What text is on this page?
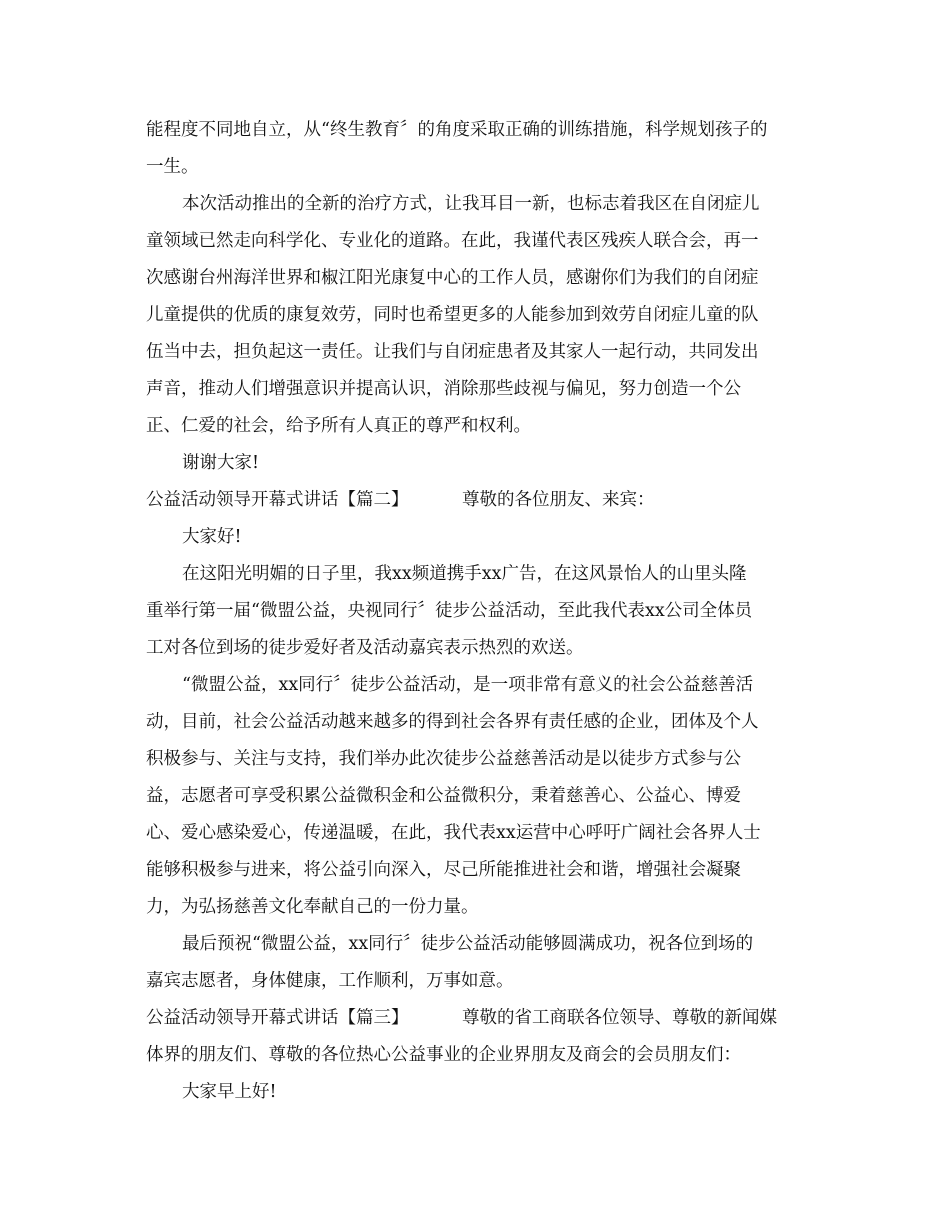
能程度不同地自立，从“终生教育〞的角度采取正确的训练措施，科学规划孩子的
一生。
本次活动推出的全新的治疗方式，让我耳目一新，也标志着我区在自闭症儿
童领域已然走向科学化、专业化的道路。在此，我谨代表区残疾人联合会，再一
次感谢台州海洋世界和椒江阳光康复中心的工作人员，感谢你们为我们的自闭症
儿童提供的优质的康复效劳，同时也希望更多的人能参加到效劳自闭症儿童的队
伍当中去，担负起这一责任。让我们与自闭症患者及其家人一起行动，共同发出
声音，推动人们增强意识并提高认识，消除那些歧视与偏见，努力创造一个公
正、仁爱的社会，给予所有人真正的尊严和权利。
谢谢大家!
公益活动领导开幕式讲话【篇二】	尊敬的各位朋友、来宾：
大家好!
在这阳光明媚的日子里，我xx频道携手xx广告，在这风景怡人的山里头隆
重举行第一届“微盟公益，央视同行〞徒步公益活动，至此我代表xx公司全体员
工对各位到场的徒步爱好者及活动嘉宾表示热烈的欢送。
“微盟公益，xx同行〞徒步公益活动，是一项非常有意义的社会公益慈善活
动，目前，社会公益活动越来越多的得到社会各界有责任感的企业，团体及个人
积极参与、关注与支持，我们举办此次徒步公益慈善活动是以徒步方式参与公
益，志愿者可享受积累公益微积金和公益微积分，秉着慈善心、公益心、博爱
心、爱心感染爱心，传递温暖，在此，我代表xx运营中心呼吁广阔社会各界人士
能够积极参与进来，将公益引向深入，尽己所能推进社会和谐，增强社会凝聚
力，为弘扬慈善文化奉献自己的一份力量。
最后预祝“微盟公益，xx同行〞徒步公益活动能够圆满成功，祝各位到场的
嘉宾志愿者，身体健康，工作顺利，万事如意。
公益活动领导开幕式讲话【篇三】	尊敬的省工商联各位领导、尊敬的新闻媒
体界的朋友们、尊敬的各位热心公益事业的企业界朋友及商会的会员朋友们：
大家早上好!
